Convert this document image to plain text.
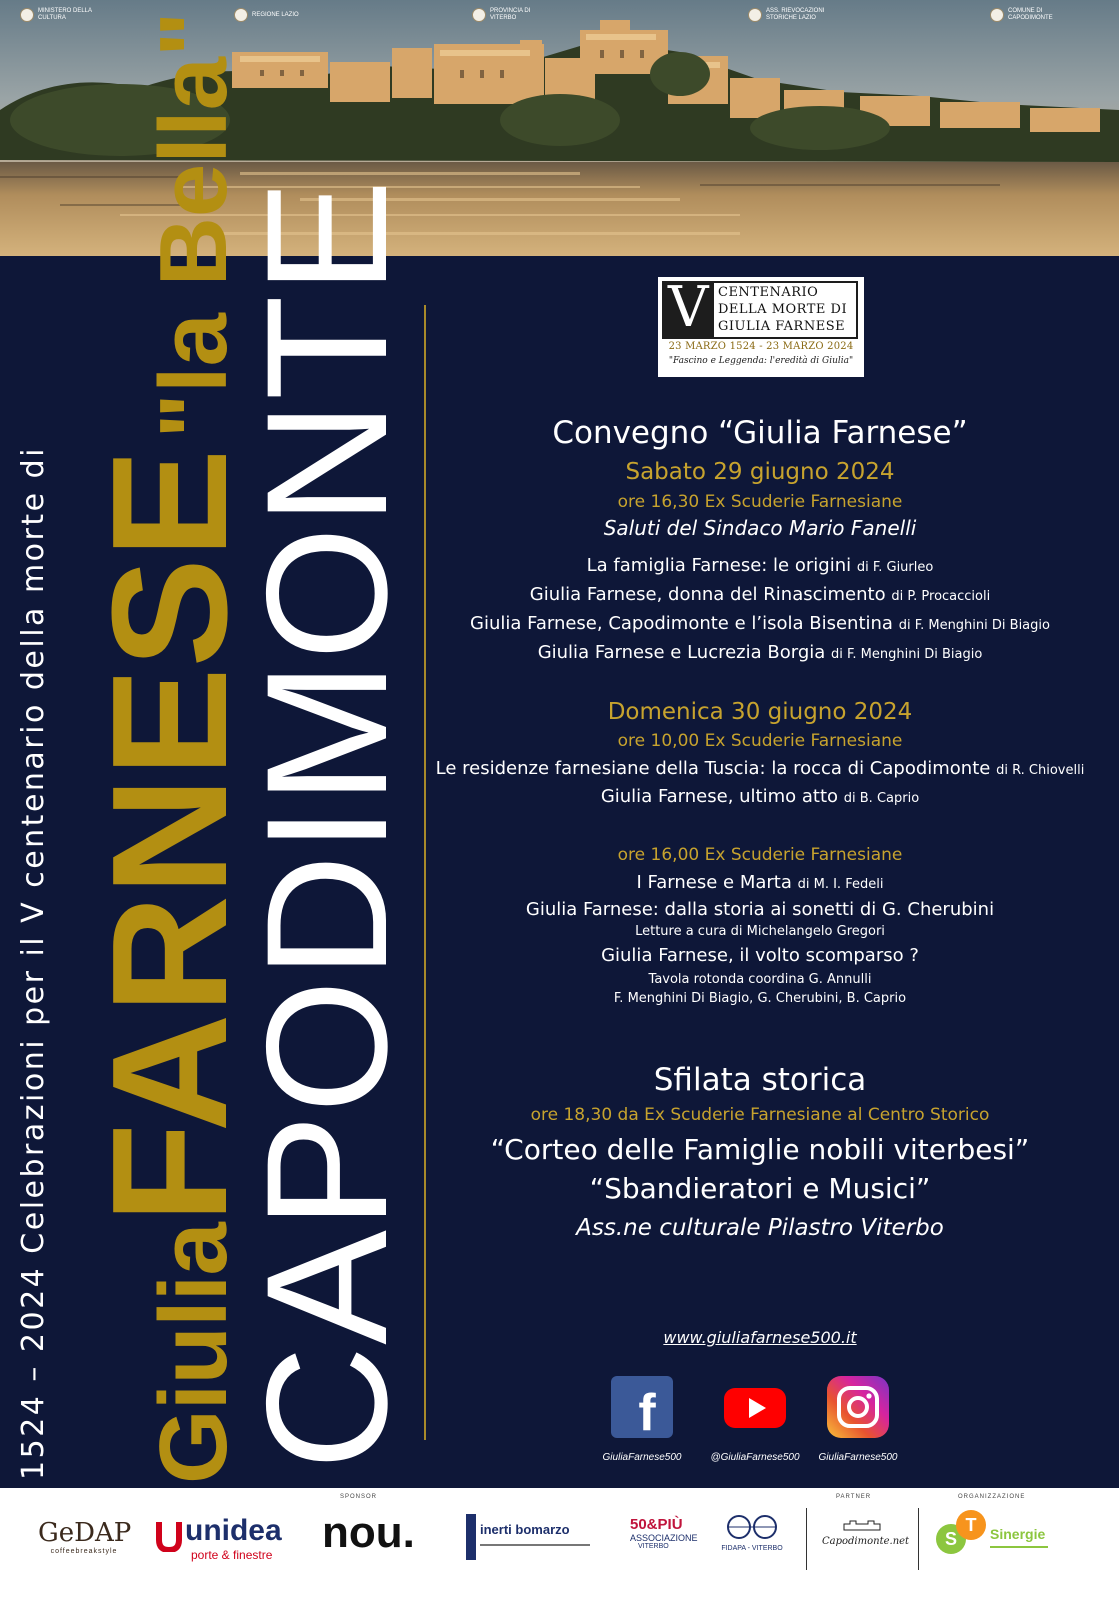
MINISTERO DELLA CULTURA
REGIONE LAZIO
PROVINCIA DI VITERBO
ASS. RIEVOCAZIONI STORICHE LAZIO
COMUNE DI CAPODIMONTE
1524 – 2024 Celebrazioni per il V centenario della morte di GiuliaFARNESE"la Bella"
CAPODIMONTE	V CENTENARIO
DELLA MORTE DI
GIULIA FARNESE
23 MARZO 1524 - 23 MARZO 2024
"Fascino e Leggenda: l'eredità di Giulia"
Convegno “Giulia Farnese”
Sabato 29 giugno 2024
ore 16,30 Ex Scuderie Farnesiane
Saluti del Sindaco Mario Fanelli
La famiglia Farnese: le origini di F. Giurleo
Giulia Farnese, donna del Rinascimento di P. Procaccioli
Giulia Farnese, Capodimonte e l’isola Bisentina di F. Menghini Di Biagio
Giulia Farnese e Lucrezia Borgia di F. Menghini Di Biagio
Domenica 30 giugno 2024
ore 10,00 Ex Scuderie Farnesiane
Le residenze farnesiane della Tuscia: la rocca di Capodimonte di R. Chiovelli
Giulia Farnese, ultimo atto di B. Caprio
ore 16,00 Ex Scuderie Farnesiane
I Farnese e Marta di M. I. Fedeli
Giulia Farnese: dalla storia ai sonetti di G. Cherubini
Letture a cura di Michelangelo Gregori
Giulia Farnese, il volto scomparso ?
Tavola rotonda coordina G. Annulli
F. Menghini Di Biagio, G. Cherubini, B. Caprio
Sfilata storica
ore 18,30 da Ex Scuderie Farnesiane al Centro Storico
“Corteo delle Famiglie nobili viterbesi”
“Sbandieratori e Musici”
Ass.ne culturale Pilastro Viterbo
www.giuliafarnese500.it
f
GiuliaFarnese500	@GiuliaFarnese500	GiuliaFarnese500
SPONSOR	PARTNER	ORGANIZZAZIONE
GeDAP
coffeebreakstyle
unidea
porte & finestre nou.	inerti bomarzo	50&PIÙ
ASSOCIAZIONE
VITERBO	FIDAPA - VITERBO
Capodimonte.net	S
T Sinergie
